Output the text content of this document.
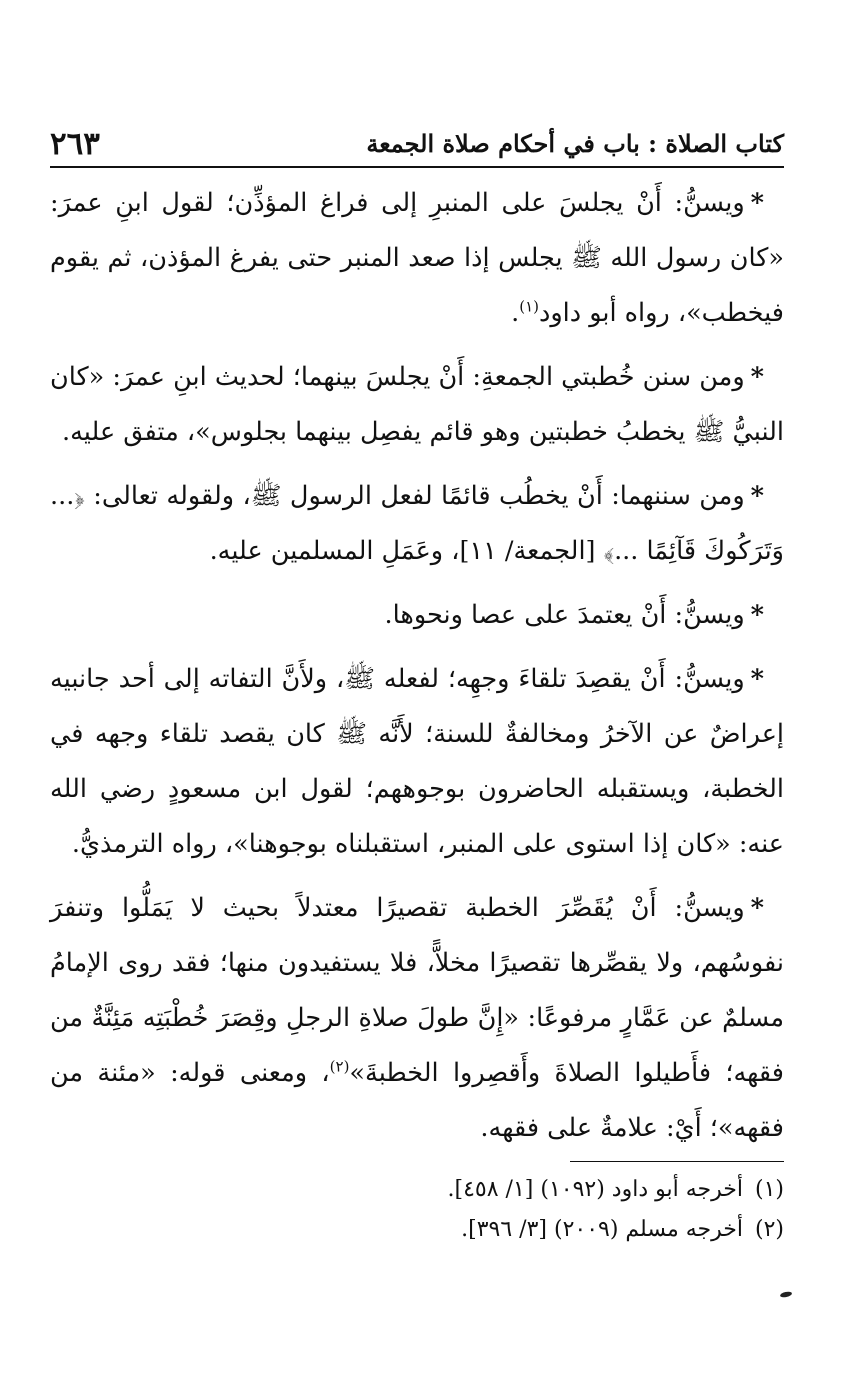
كتاب الصلاة : باب في أحكام صلاة الجمعة
٢٦٣

*ويسنُّ: أَنْ يجلسَ على المنبرِ إلى فراغ المؤذِّن؛ لقول ابنِ عمرَ: «كان رسول الله ﷺ يجلس إذا صعد المنبر حتى يفرغ المؤذن، ثم يقوم فيخطب»، رواه أبو داود$^{(١)}$.

*ومن سنن خُطبتي الجمعةِ: أَنْ يجلسَ بينهما؛ لحديث ابنِ عمرَ: «كان النبيُّ ﷺ يخطبُ خطبتين وهو قائم يفصِل بينهما بجلوس»، متفق عليه.

*ومن سننهما: أَنْ يخطُب قائمًا لفعل الرسول ﷺ، ولقوله تعالى: ﴿... وَتَرَكُوكَ قَآئِمًا ...﴾ [الجمعة/ ١١]، وعَمَلِ المسلمين عليه.

*ويسنُّ: أَنْ يعتمدَ على عصا ونحوها.

*ويسنُّ: أَنْ يقصِدَ تلقاءَ وجهِه؛ لفعله ﷺ، ولأَنَّ التفاته إلى أحد جانبيه إعراضٌ عن الآخرُ ومخالفةٌ للسنة؛ لأَنَّه ﷺ كان يقصد تلقاء وجهه في الخطبة، ويستقبله الحاضرون بوجوههم؛ لقول ابن مسعودٍ رضي الله عنه: «كان إذا استوى على المنبر، استقبلناه بوجوهنا»، رواه الترمذيُّ.

*ويسنُّ: أَنْ يُقَصِّرَ الخطبة تقصيرًا معتدلاً بحيث لا يَمَلُّوا وتنفرَ نفوسُهم، ولا يقصِّرها تقصيرًا مخلاًّ، فلا يستفيدون منها؛ فقد روى الإمامُ مسلمٌ عن عَمَّارٍ مرفوعًا: «إِنَّ طولَ صلاةِ الرجلِ وقِصَرَ خُطْبَتِه مَئِنَّةٌ من فقهه؛ فأَطيلوا الصلاةَ وأَقصِروا الخطبةَ»$^{(٢)}$، ومعنى قوله: «مئنة من فقهه»؛ أَيْ: علامةٌ على فقهه.

(١)أخرجه أبو داود (١٠٩٢) [١/ ٤٥٨].

(٢)أخرجه مسلم (٢٠٠٩) [٣/ ٣٩٦].
